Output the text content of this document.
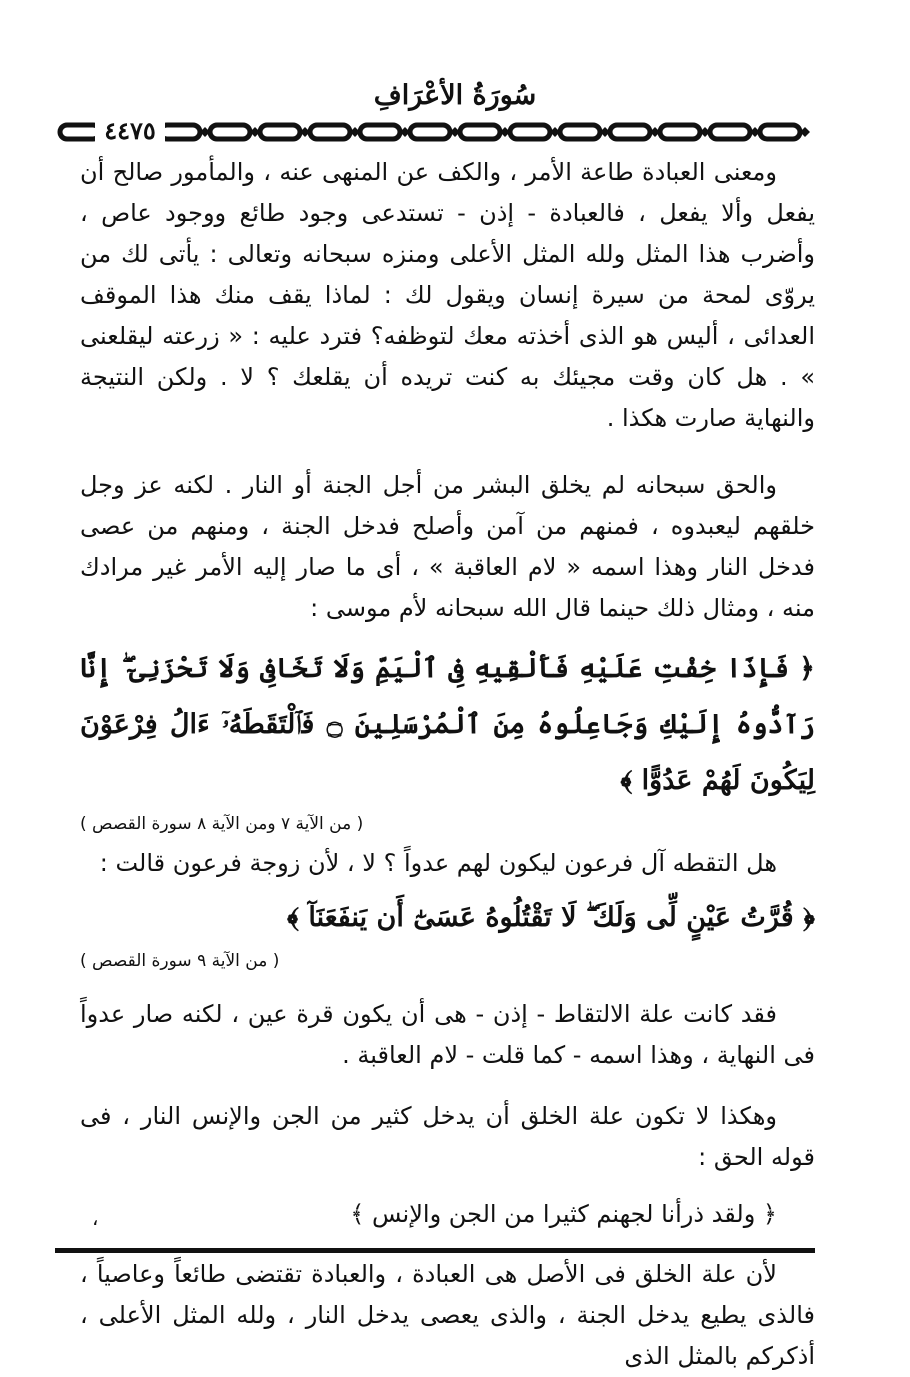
سُورَةُ الأعْرَافِ
٤٤٧٥

ومعنى العبادة طاعة الأمر ، والكف عن المنهى عنه ، والمأمور صالح أن يفعل وألا يفعل ، فالعبادة - إذن - تستدعى وجود طائع ووجود عاص ، وأضرب هذا المثل ولله المثل الأعلى ومنزه سبحانه وتعالى : يأتى لك من يروّى لمحة من سيرة إنسان ويقول لك : لماذا يقف منك هذا الموقف العدائى ، أليس هو الذى أخذته معك لتوظفه؟ فترد عليه : « زرعته ليقلعنى » . هل كان وقت مجيئك به كنت تريده أن يقلعك ؟ لا . ولكن النتيجة والنهاية صارت هكذا .

والحق سبحانه لم يخلق البشر من أجل الجنة أو النار . لكنه عز وجل خلقهم ليعبدوه ، فمنهم من آمن وأصلح فدخل الجنة ، ومنهم من عصى فدخل النار وهذا اسمه « لام العاقبة » ، أى ما صار إليه الأمر غير مرادك منه ، ومثال ذلك حينما قال الله سبحانه لأم موسى :

﴿ فَإِذَا خِفْتِ عَلَيْهِ فَأَلْقِيهِ فِى ٱلْيَمِّ وَلَا تَخَافِى وَلَا تَحْزَنِىٓ ۖ إِنَّا رَآدُّوهُ إِلَيْكِ وَجَاعِلُوهُ مِنَ ٱلْمُرْسَلِينَ ۝ فَٱلْتَقَطَهُۥٓ ءَالُ فِرْعَوْنَ لِيَكُونَ لَهُمْ عَدُوًّا ﴾

( من الآية ٧ ومن الآية ٨ سورة القصص )

هل التقطه آل فرعون ليكون لهم عدواً ؟ لا ، لأن زوجة فرعون قالت :

﴿ قُرَّتُ عَيْنٍ لِّى وَلَكَ ۖ لَا تَقْتُلُوهُ عَسَىٰٓ أَن يَنفَعَنَآ ﴾

( من الآية ٩ سورة القصص )

فقد كانت علة الالتقاط - إذن - هى أن يكون قرة عين ، لكنه صار عدواً فى النهاية ، وهذا اسمه - كما قلت - لام العاقبة .

وهكذا لا تكون علة الخلق أن يدخل كثير من الجن والإنس النار ، فى قوله الحق :

﴿ ولقد ذرأنا لجهنم كثيرا من الجن والإنس ﴾
،

لأن علة الخلق فى الأصل هى العبادة ، والعبادة تقتضى طائعاً وعاصياً ، فالذى يطيع يدخل الجنة ، والذى يعصى يدخل النار ، ولله المثل الأعلى ، أذكركم بالمثل الذى
